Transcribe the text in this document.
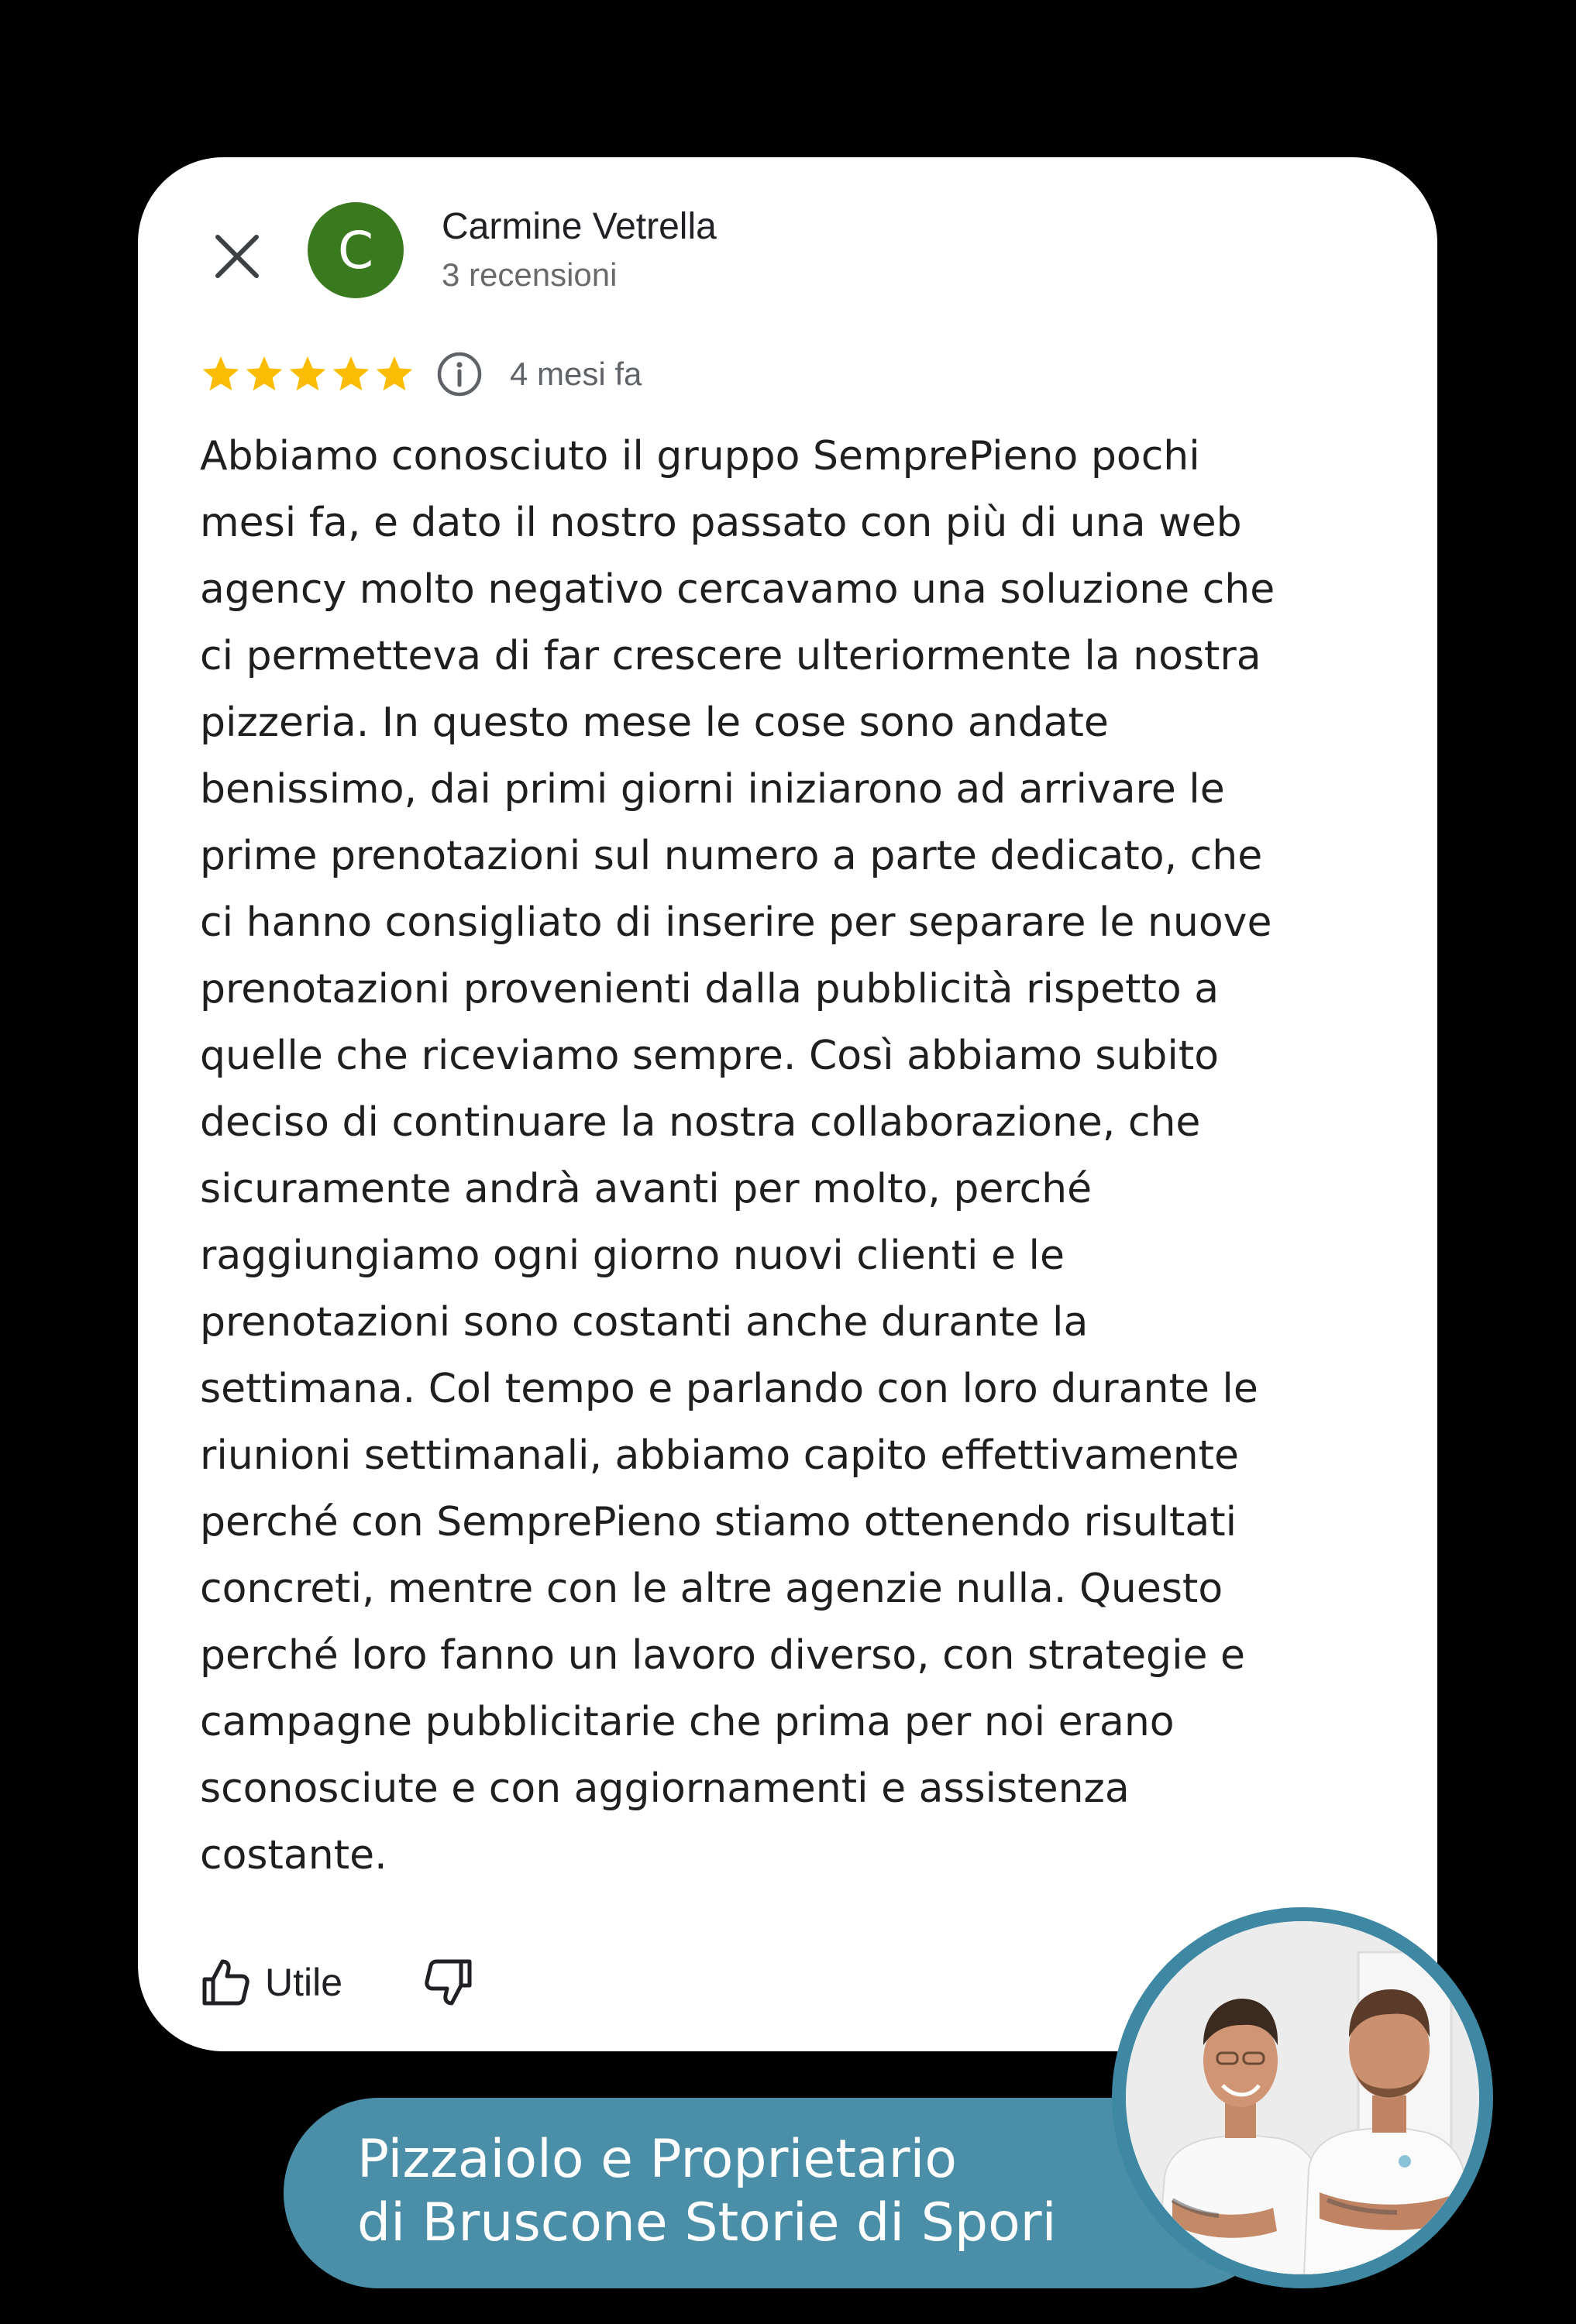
C Carmine Vetrella
3 recensioni
4 mesi fa

Abbiamo conosciuto il gruppo SemprePieno pochi
mesi fa, e dato il nostro passato con più di una web
agency molto negativo cercavamo una soluzione che
ci permetteva di far crescere ulteriormente la nostra
pizzeria. In questo mese le cose sono andate
benissimo, dai primi giorni iniziarono ad arrivare le
prime prenotazioni sul numero a parte dedicato, che
ci hanno consigliato di inserire per separare le nuove
prenotazioni provenienti dalla pubblicità rispetto a
quelle che riceviamo sempre. Così abbiamo subito
deciso di continuare la nostra collaborazione, che
sicuramente andrà avanti per molto, perché
raggiungiamo ogni giorno nuovi clienti e le
prenotazioni sono costanti anche durante la
settimana. Col tempo e parlando con loro durante le
riunioni settimanali, abbiamo capito effettivamente
perché con SemprePieno stiamo ottenendo risultati
concreti, mentre con le altre agenzie nulla. Questo
perché loro fanno un lavoro diverso, con strategie e
campagne pubblicitarie che prima per noi erano
sconosciute e con aggiornamenti e assistenza
costante.

Utile
Pizzaiolo e Proprietario
di Bruscone Storie di Spori
